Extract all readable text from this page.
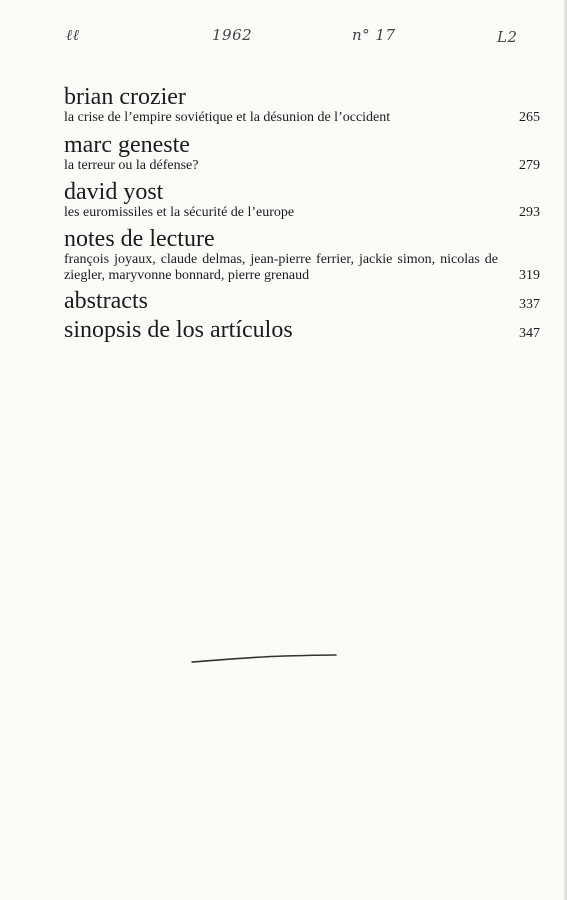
ℓℓ	1962	n° 17	L2
brian crozier

la crise de l’empire soviétique et la désunion de l’occident	265
marc geneste

la terreur ou la défense?	279
david yost

les euromissiles et la sécurité de l’europe	293
notes de lecture

françois joyaux, claude delmas, jean-pierre ferrier, jackie simon, nicolas de ziegler, maryvonne bonnard, pierre grenaud	319
abstracts	337
sinopsis de los artículos	347
